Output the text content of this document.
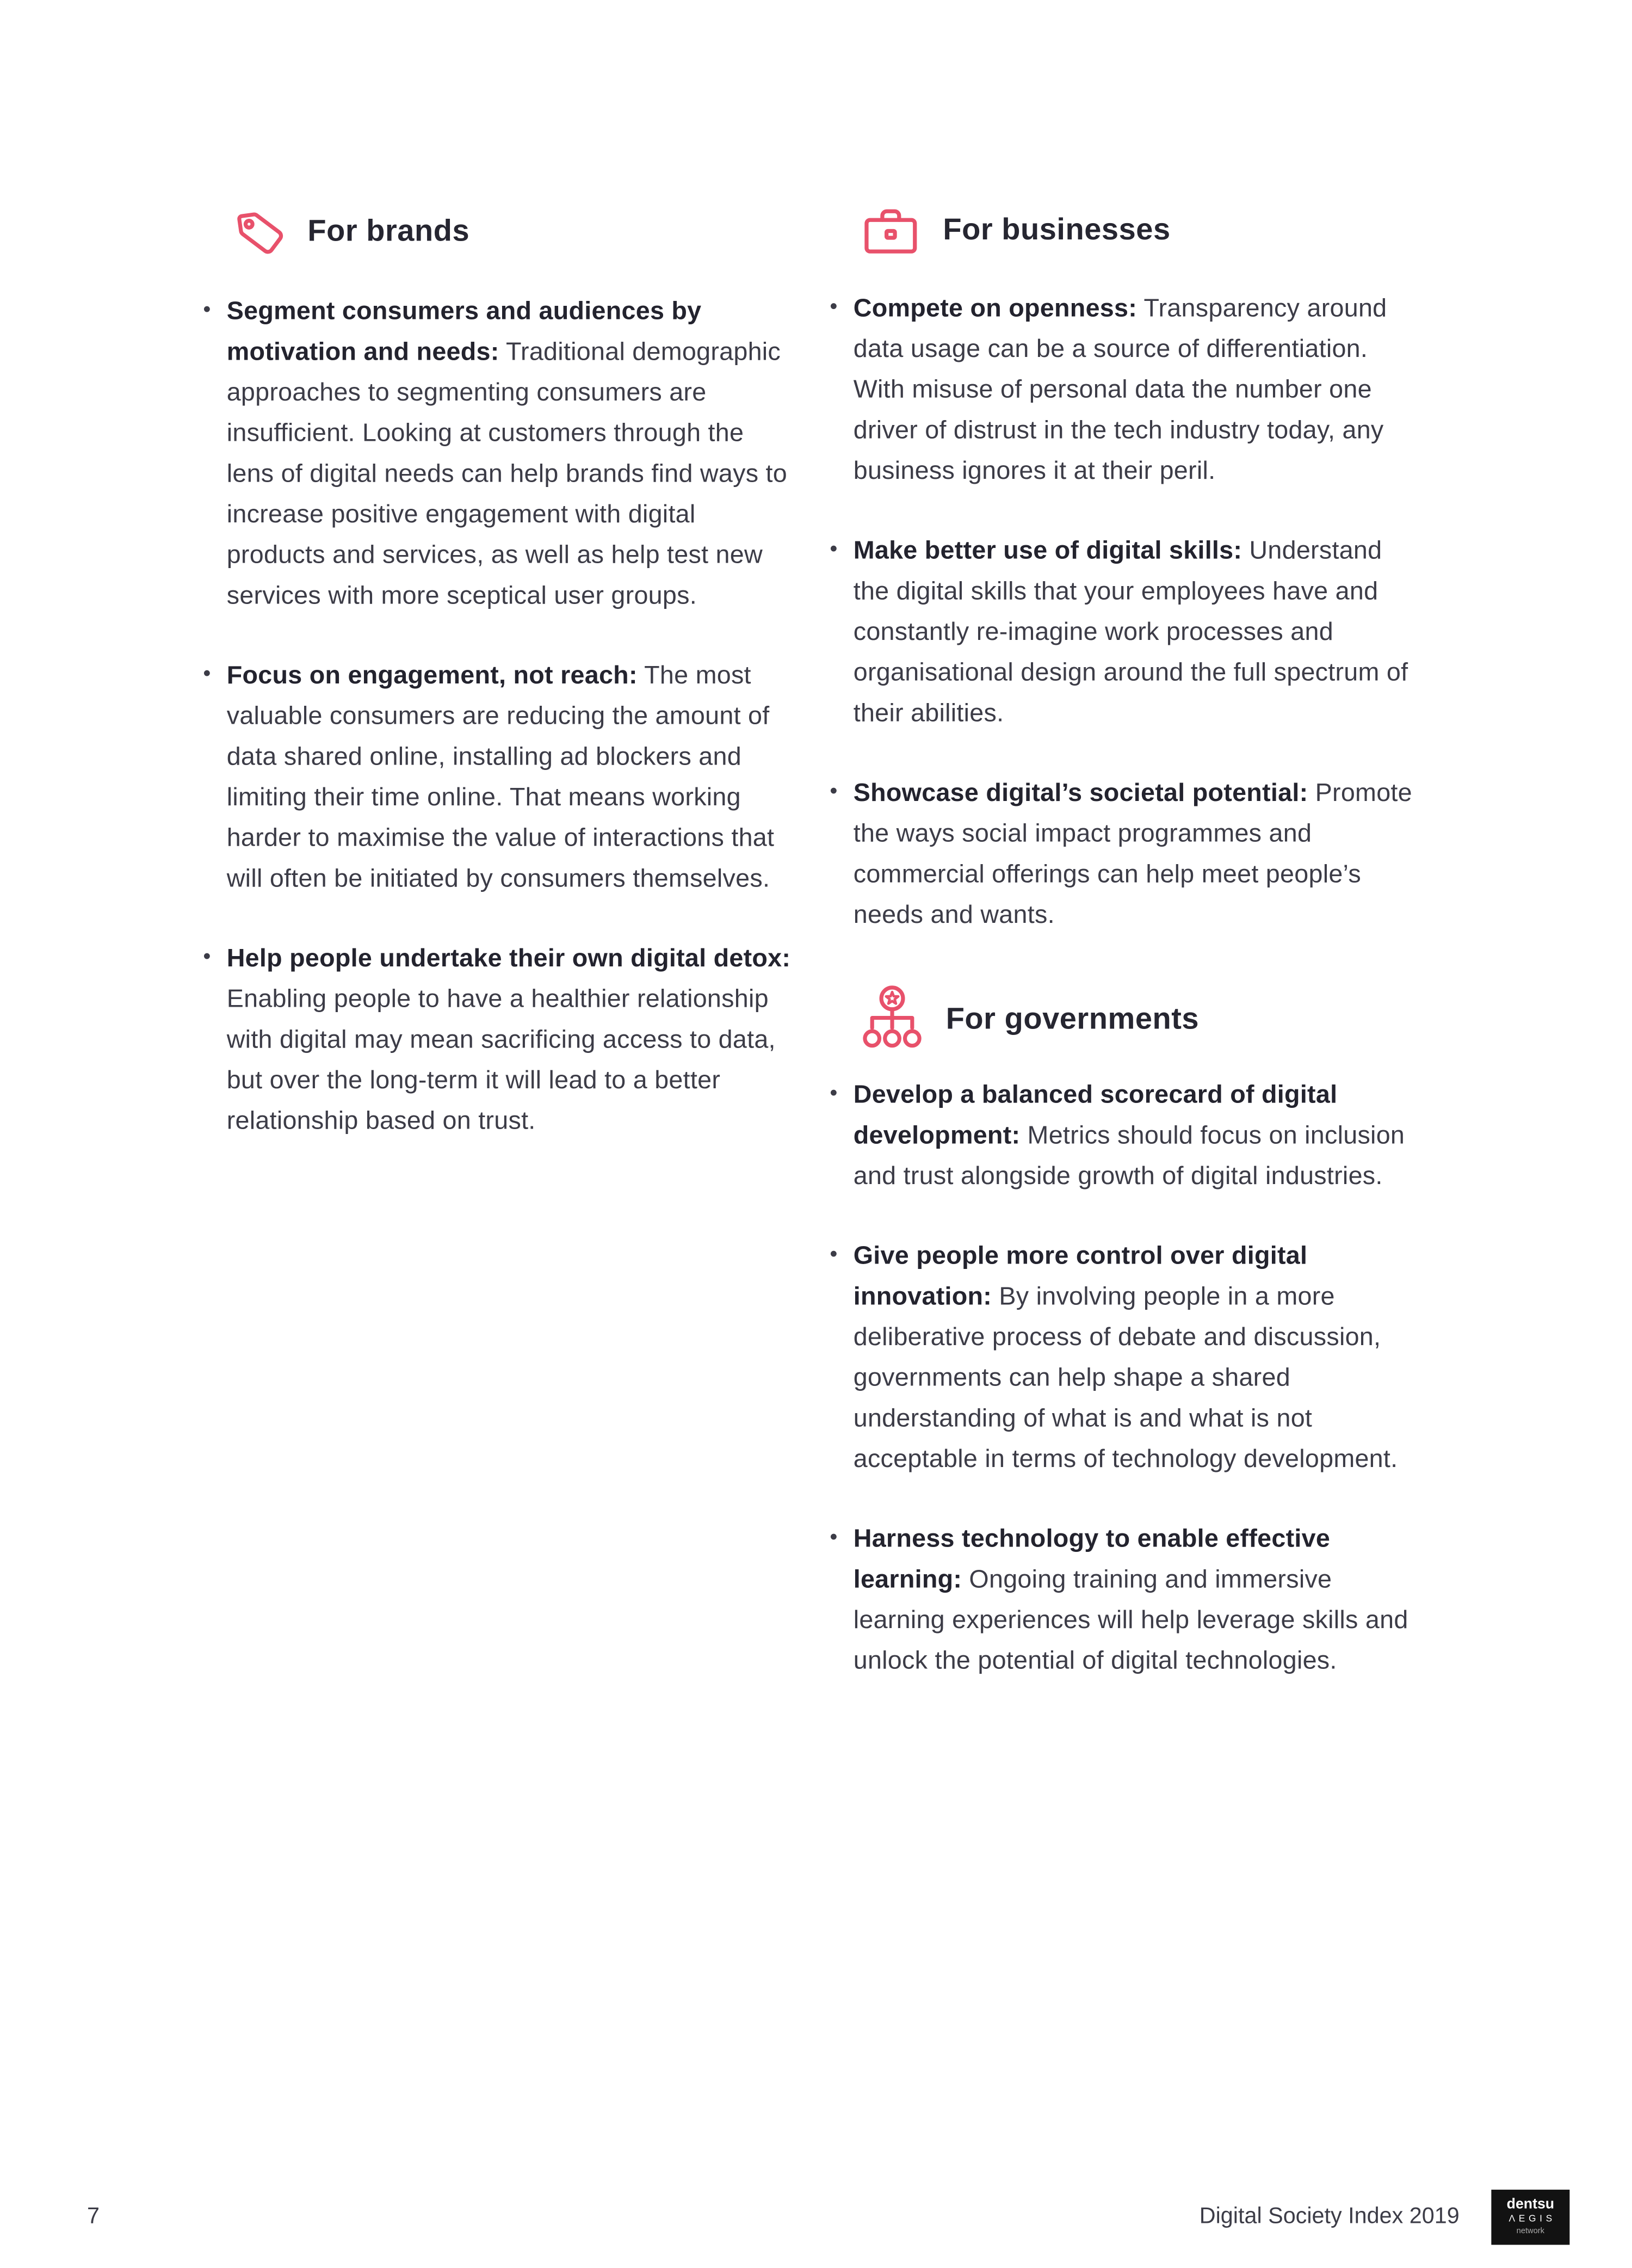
For brands
• Segment consumers and audiences by motivation and needs: Traditional demographic approaches to segmenting consumers are insufficient. Looking at customers through the lens of digital needs can help brands find ways to increase positive engagement with digital products and services, as well as help test new services with more sceptical user groups.

• Focus on engagement, not reach: The most valuable consumers are reducing the amount of data shared online, installing ad blockers and limiting their time online. That means working harder to maximise the value of interactions that will often be initiated by consumers themselves.

• Help people undertake their own digital detox: Enabling people to have a healthier relationship with digital may mean sacrificing access to data, but over the long-term it will lead to a better relationship based on trust.

For businesses
• Compete on openness: Transparency around data usage can be a source of differentiation. With misuse of personal data the number one driver of distrust in the tech industry today, any business ignores it at their peril.

• Make better use of digital skills: Understand the digital skills that your employees have and constantly re-imagine work processes and organisational design around the full spectrum of their abilities.

• Showcase digital’s societal potential: Promote the ways social impact programmes and commercial offerings can help meet people’s needs and wants.

For governments
• Develop a balanced scorecard of digital development: Metrics should focus on inclusion and trust alongside growth of digital industries.

• Give people more control over digital innovation: By involving people in a more deliberative process of debate and discussion, governments can help shape a shared understanding of what is and what is not acceptable in terms of technology development.

• Harness technology to enable effective learning: Ongoing training and immersive learning experiences will help leverage skills and unlock the potential of digital technologies.

7	Digital Society Index 2019	dentsu
ΛEGIS
network
